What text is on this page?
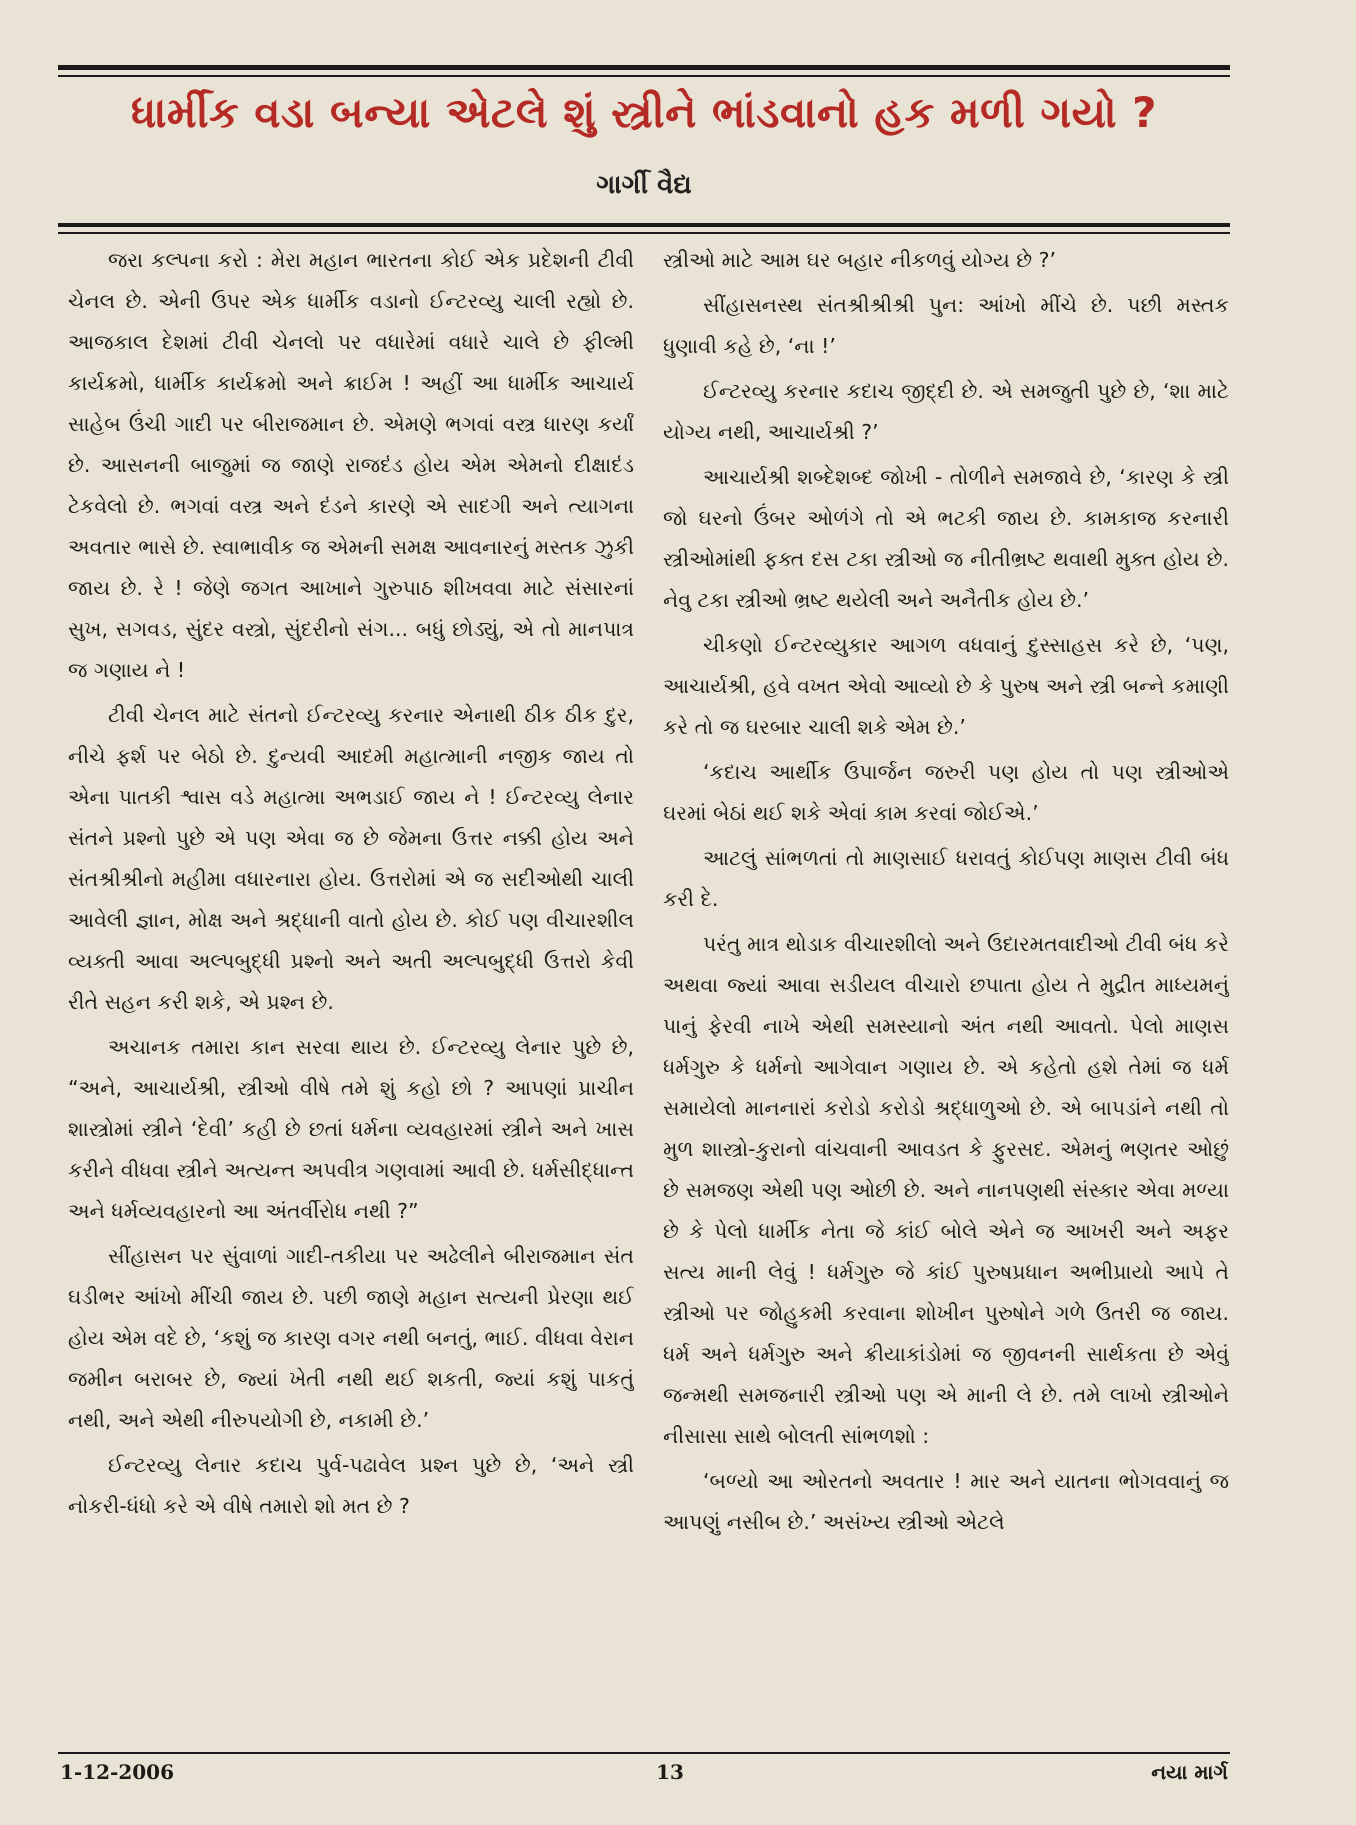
ધાર્મીક વડા બન્યા એટલે શું સ્ત્રીને ભાંડવાનો હક મળી ગયો ?
ગાર્ગી વૈદ્ય

જરા કલ્પના કરો : મેરા મહાન ભારતના કોઈ એક પ્રદેશની ટીવી ચેનલ છે. એની ઉપર એક ધાર્મીક વડાનો ઈન્ટરવ્યુ ચાલી રહ્યો છે. આજકાલ દેશમાં ટીવી ચેનલો પર વધારેમાં વધારે ચાલે છે ફીલ્મી કાર્યક્રમો, ધાર્મીક કાર્યક્રમો અને ક્રાઈમ ! અહીં આ ધાર્મીક આચાર્ય સાહેબ ઉંચી ગાદી પર બીરાજમાન છે. એમણે ભગવાં વસ્ત્ર ધારણ કર્યાં છે. આસનની બાજુમાં જ જાણે રાજદંડ હોય એમ એમનો દીક્ષાદંડ ટેકવેલો છે. ભગવાં વસ્ત્ર અને દંડને કારણે એ સાદગી અને ત્યાગના અવતાર ભાસે છે. સ્વાભાવીક જ એમની સમક્ષ આવનારનું મસ્તક ઝુકી જાય છે. રે ! જેણે જગત આખાને ગુરુપાઠ શીખવવા માટે સંસારનાં સુખ, સગવડ, સુંદર વસ્ત્રો, સુંદરીનો સંગ... બધું છોડ્યું, એ તો માનપાત્ર જ ગણાય ને !

ટીવી ચેનલ માટે સંતનો ઈન્ટરવ્યુ કરનાર એનાથી ઠીક ઠીક દુર, નીચે ફર્શ પર બેઠો છે. દુન્યવી આદમી મહાત્માની નજીક જાય તો એના પાતકી શ્વાસ વડે મહાત્મા અભડાઈ જાય ને ! ઈન્ટરવ્યુ લેનાર સંતને પ્રશ્નો પુછે એ પણ એવા જ છે જેમના ઉત્તર નક્કી હોય અને સંતશ્રીશ્રીનો મહીમા વધારનારા હોય. ઉત્તરોમાં એ જ સદીઓથી ચાલી આવેલી જ્ઞાન, મોક્ષ અને શ્રદ્ધાની વાતો હોય છે. કોઈ પણ વીચારશીલ વ્યક્તી આવા અલ્પબુદ્ધી પ્રશ્નો અને અતી અલ્પબુદ્ધી ઉત્તરો કેવી રીતે સહન કરી શકે, એ પ્રશ્ન છે.

અચાનક તમારા કાન સરવા થાય છે. ઈન્ટરવ્યુ લેનાર પુછે છે, “અને, આચાર્યશ્રી, સ્ત્રીઓ વીષે તમે શું કહો છો ? આપણાં પ્રાચીન શાસ્ત્રોમાં સ્ત્રીને ‘દેવી’ કહી છે છતાં ધર્મના વ્યવહારમાં સ્ત્રીને અને ખાસ કરીને વીધવા સ્ત્રીને અત્યન્ત અપવીત્ર ગણવામાં આવી છે. ધર્મસીદ્ધાન્ત અને ધર્મવ્યવહારનો આ અંતર્વીરોધ નથી ?”

સીંહાસન પર સુંવાળાં ગાદી-તકીયા પર અઢેલીને બીરાજમાન સંત ઘડીભર આંખો મીંચી જાય છે. પછી જાણે મહાન સત્યની પ્રેરણા થઈ હોય એમ વદે છે, ‘કશું જ કારણ વગર નથી બનતું, ભાઈ. વીધવા વેરાન જમીન બરાબર છે, જ્યાં ખેતી નથી થઈ શકતી, જ્યાં કશું પાકતું નથી, અને એથી નીરુપયોગી છે, નકામી છે.’

ઈન્ટરવ્યુ લેનાર કદાચ પુર્વ-પઢાવેલ પ્રશ્ન પુછે છે, ‘અને સ્ત્રી નોકરી-ધંધો કરે એ વીષે તમારો શો મત છે ?

સ્ત્રીઓ માટે આમ ઘર બહાર નીકળવું યોગ્ય છે ?’

સીંહાસનસ્થ સંતશ્રીશ્રીશ્રી પુન: આંખો મીંચે છે. પછી મસ્તક ધુણાવી કહે છે, ‘ના !’

ઈન્ટરવ્યુ કરનાર કદાચ જીદ્દી છે. એ સમજુતી પુછે છે, ‘શા માટે યોગ્ય નથી, આચાર્યશ્રી ?’

આચાર્યશ્રી શબ્દેશબ્દ જોખી - તોળીને સમજાવે છે, ‘કારણ કે સ્ત્રી જો ઘરનો ઉંબર ઓળંગે તો એ ભટકી જાય છે. કામકાજ કરનારી સ્ત્રીઓમાંથી ફક્ત દસ ટકા સ્ત્રીઓ જ નીતીભ્રષ્ટ થવાથી મુક્ત હોય છે. નેવુ ટકા સ્ત્રીઓ ભ્રષ્ટ થયેલી અને અનૈતીક હોય છે.’

ચીકણો ઈન્ટરવ્યુકાર આગળ વધવાનું દુસ્સાહસ કરે છે, ‘પણ, આચાર્યશ્રી, હવે વખત એવો આવ્યો છે કે પુરુષ અને સ્ત્રી બન્ને કમાણી કરે તો જ ઘરબાર ચાલી શકે એમ છે.’

‘કદાચ આર્થીક ઉપાર્જન જરુરી પણ હોય તો પણ સ્ત્રીઓએ ઘરમાં બેઠાં થઈ શકે એવાં કામ કરવાં જોઈએ.’

આટલું સાંભળતાં તો માણસાઈ ધરાવતું કોઈપણ માણસ ટીવી બંધ કરી દે.

પરંતુ માત્ર થોડાક વીચારશીલો અને ઉદારમતવાદીઓ ટીવી બંધ કરે અથવા જ્યાં આવા સડીયલ વીચારો છપાતા હોય તે મુદ્રીત માધ્યમનું પાનું ફેરવી નાખે એથી સમસ્યાનો અંત નથી આવતો. પેલો માણસ ધર્મગુરુ કે ધર્મનો આગેવાન ગણાય છે. એ કહેતો હશે તેમાં જ ધર્મ સમાયેલો માનનારાં કરોડો કરોડો શ્રદ્ધાળુઓ છે. એ બાપડાંને નથી તો મુળ શાસ્ત્રો-કુરાનો વાંચવાની આવડત કે ફુરસદ. એમનું ભણતર ઓછું છે સમજણ એથી પણ ઓછી છે. અને નાનપણથી સંસ્કાર એવા મળ્યા છે કે પેલો ધાર્મીક નેતા જે કાંઈ બોલે એને જ આખરી અને અફર સત્ય માની લેવું ! ધર્મગુરુ જે કાંઈ પુરુષપ્રધાન અભીપ્રાયો આપે તે સ્ત્રીઓ પર જોહુકમી કરવાના શોખીન પુરુષોને ગળે ઉતરી જ જાય. ધર્મ અને ધર્મગુરુ અને ક્રીયાકાંડોમાં જ જીવનની સાર્થકતા છે એવું જન્મથી સમજનારી સ્ત્રીઓ પણ એ માની લે છે. તમે લાખો સ્ત્રીઓને નીસાસા સાથે બોલતી સાંભળશો :

‘બળ્યો આ ઓરતનો અવતાર ! માર અને યાતના ભોગવવાનું જ આપણું નસીબ છે.’ અસંખ્ય સ્ત્રીઓ એટલે

1-12-2006	13	નયા માર્ગ
